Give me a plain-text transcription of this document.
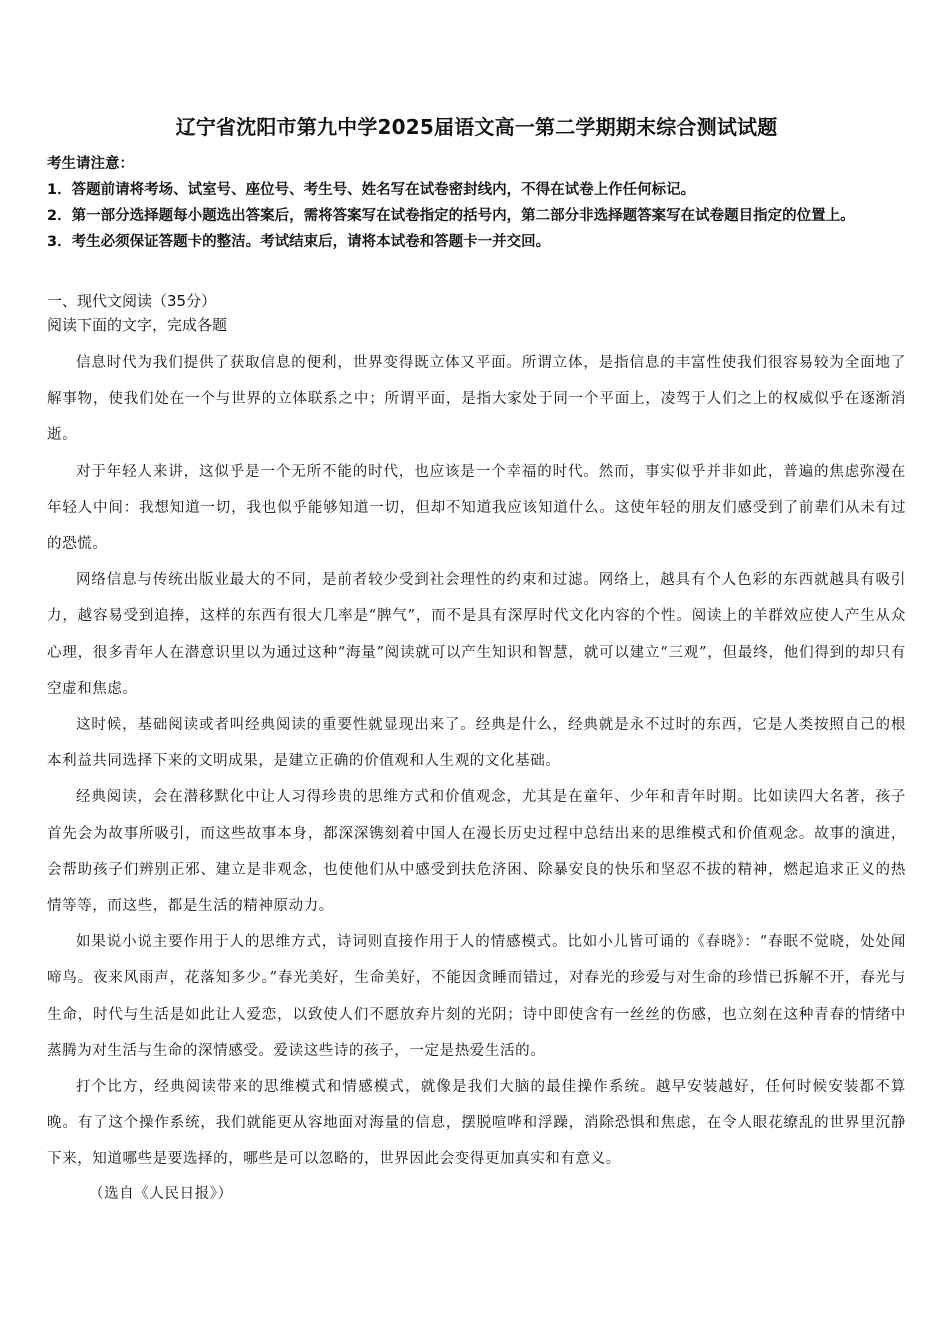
辽宁省沈阳市第九中学2025届语文高一第二学期期末综合测试试题
考生请注意：
1．答题前请将考场、试室号、座位号、考生号、姓名写在试卷密封线内，不得在试卷上作任何标记。
2．第一部分选择题每小题选出答案后，需将答案写在试卷指定的括号内，第二部分非选择题答案写在试卷题目指定的位置上。
3．考生必须保证答题卡的整洁。考试结束后，请将本试卷和答题卡一并交回。
一、现代文阅读（35分）
阅读下面的文字，完成各题

信息时代为我们提供了获取信息的便利，世界变得既立体又平面。所谓立体，是指信息的丰富性使我们很容易较为全面地了解事物，使我们处在一个与世界的立体联系之中；所谓平面，是指大家处于同一个平面上，凌驾于人们之上的权威似乎在逐渐消逝。

对于年轻人来讲，这似乎是一个无所不能的时代，也应该是一个幸福的时代。然而，事实似乎并非如此，普遍的焦虑弥漫在年轻人中间：我想知道一切，我也似乎能够知道一切，但却不知道我应该知道什么。这使年轻的朋友们感受到了前辈们从未有过的恐慌。

网络信息与传统出版业最大的不同，是前者较少受到社会理性的约束和过滤。网络上，越具有个人色彩的东西就越具有吸引力，越容易受到追捧，这样的东西有很大几率是“脾气”，而不是具有深厚时代文化内容的个性。阅读上的羊群效应使人产生从众心理，很多青年人在潜意识里以为通过这种“海量”阅读就可以产生知识和智慧，就可以建立“三观”，但最终，他们得到的却只有空虚和焦虑。

这时候，基础阅读或者叫经典阅读的重要性就显现出来了。经典是什么，经典就是永不过时的东西，它是人类按照自己的根本利益共同选择下来的文明成果，是建立正确的价值观和人生观的文化基础。

经典阅读，会在潜移默化中让人习得珍贵的思维方式和价值观念，尤其是在童年、少年和青年时期。比如读四大名著，孩子首先会为故事所吸引，而这些故事本身，都深深镌刻着中国人在漫长历史过程中总结出来的思维模式和价值观念。故事的演进，会帮助孩子们辨别正邪、建立是非观念，也使他们从中感受到扶危济困、除暴安良的快乐和坚忍不拔的精神，燃起追求正义的热情等等，而这些，都是生活的精神原动力。

如果说小说主要作用于人的思维方式，诗词则直接作用于人的情感模式。比如小儿皆可诵的《春晓》：“春眠不觉晓，处处闻啼鸟。夜来风雨声，花落知多少。”春光美好，生命美好，不能因贪睡而错过，对春光的珍爱与对生命的珍惜已拆解不开，春光与生命，时代与生活是如此让人爱恋，以致使人们不愿放弃片刻的光阴；诗中即使含有一丝丝的伤感，也立刻在这种青春的情绪中蒸腾为对生活与生命的深情感受。爱读这些诗的孩子，一定是热爱生活的。

打个比方，经典阅读带来的思维模式和情感模式，就像是我们大脑的最佳操作系统。越早安装越好，任何时候安装都不算晚。有了这个操作系统，我们就能更从容地面对海量的信息，摆脱喧哗和浮躁，消除恐惧和焦虑，在令人眼花缭乱的世界里沉静下来，知道哪些是要选择的，哪些是可以忽略的，世界因此会变得更加真实和有意义。

（选自《人民日报》）
